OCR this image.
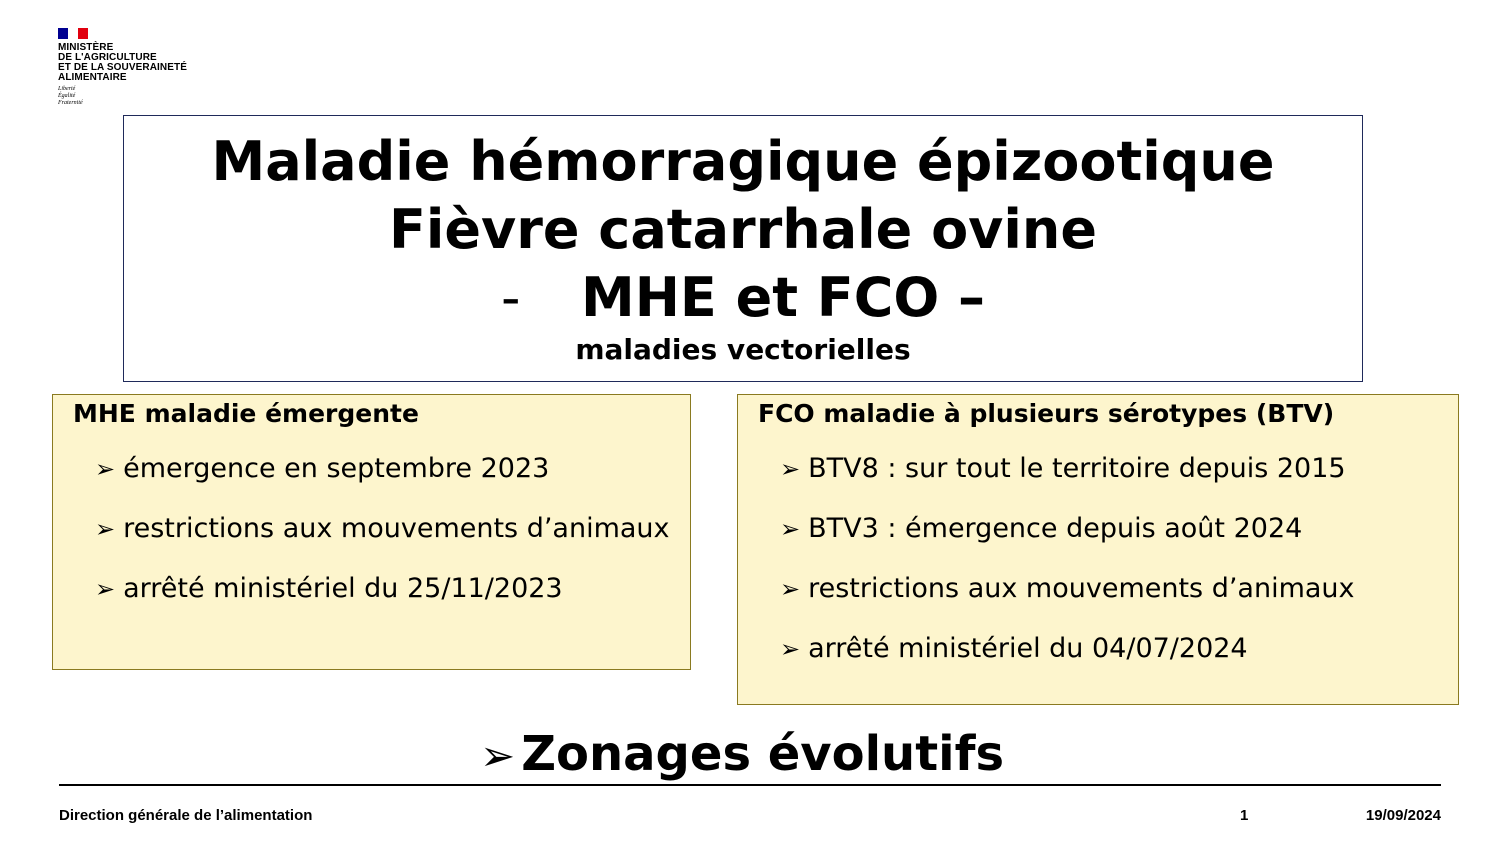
MINISTÈRE
DE L'AGRICULTURE
ET DE LA SOUVERAINETÉ
ALIMENTAIRE
Liberté
Égalité
Fraternité
Maladie hémorragique épizootique
Fièvre catarrhale ovine
- MHE et FCO –
maladies vectorielles
MHE maladie émergente
➢ émergence en septembre 2023
➢ restrictions aux mouvements d’animaux
➢ arrêté ministériel du 25/11/2023
FCO maladie à plusieurs sérotypes (BTV)
➢ BTV8 : sur tout le territoire depuis 2015
➢ BTV3 : émergence depuis août 2024
➢ restrictions aux mouvements d’animaux
➢ arrêté ministériel du 04/07/2024
➢ Zonages évolutifs
Direction générale de l’alimentation	1	19/09/2024
